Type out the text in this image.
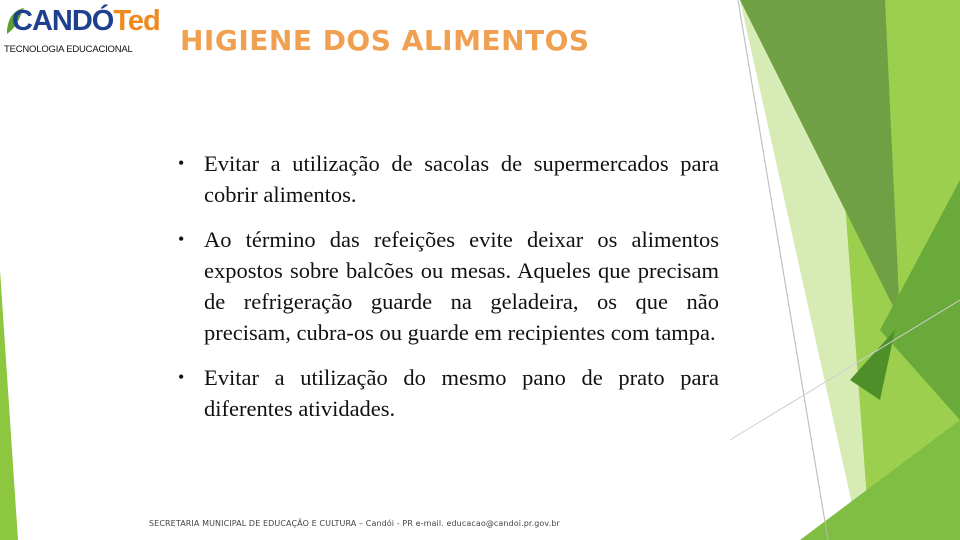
CANDÓTed
TECNOLOGIA EDUCACIONAL HIGIENE DOS ALIMENTOS
• Evitar a utilização de sacolas de supermercados para cobrir alimentos.
• Ao término das refeições evite deixar os alimentos expostos sobre balcões ou mesas. Aqueles que precisam de refrigeração guarde na geladeira, os que não precisam, cubra-os ou guarde em recipientes com tampa.
• Evitar a utilização do mesmo pano de prato para diferentes atividades.
SECRETARIA MUNICIPAL DE EDUCAÇÃO E CULTURA – Candói - PR e-mail. educacao@candoi.pr.gov.br
